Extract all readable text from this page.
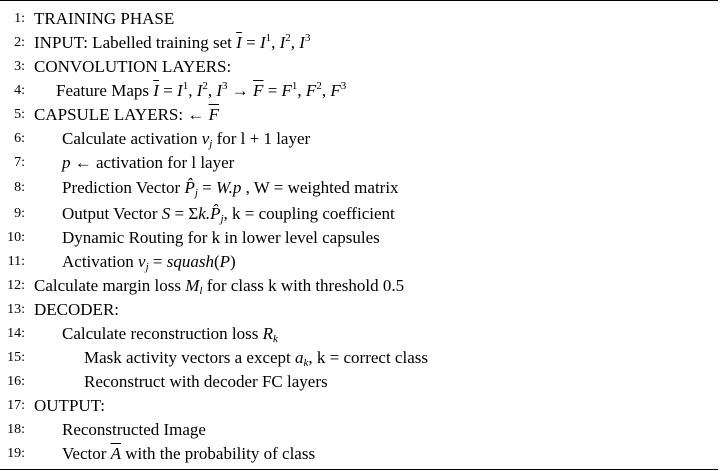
1: TRAINING PHASE
2: INPUT: Labelled training set $\overline{I} = I^1$, $I^2$, $I^3$
3: CONVOLUTION LAYERS:
4: Feature Maps $\overline{I} = I^1$, $I^2$, $I^3 \to \overline{F} = F^1$, $F^2$, $F^3$
5: CAPSULE LAYERS: ← $\overline{F}$
6: Calculate activation $v_j$ for l + 1 layer
7: p ← activation for l layer
8: Prediction Vector $P̂_j = W.p$ , W = weighted matrix
9: Output Vector $S = \Sigma k.P̂_j$, k = coupling coefficient
10: Dynamic Routing for k in lower level capsules
11: Activation $v_j$ = squash(P)
12: Calculate margin loss $M_l$ for class k with threshold 0.5
13: DECODER:
14: Calculate reconstruction loss $R_k$
15:	Mask activity vectors a except $a_k$, k = correct class
16:	Reconstruct with decoder FC layers
17: OUTPUT:
18: Reconstructed Image
19: Vector $\overline{A}$ with the probability of class
